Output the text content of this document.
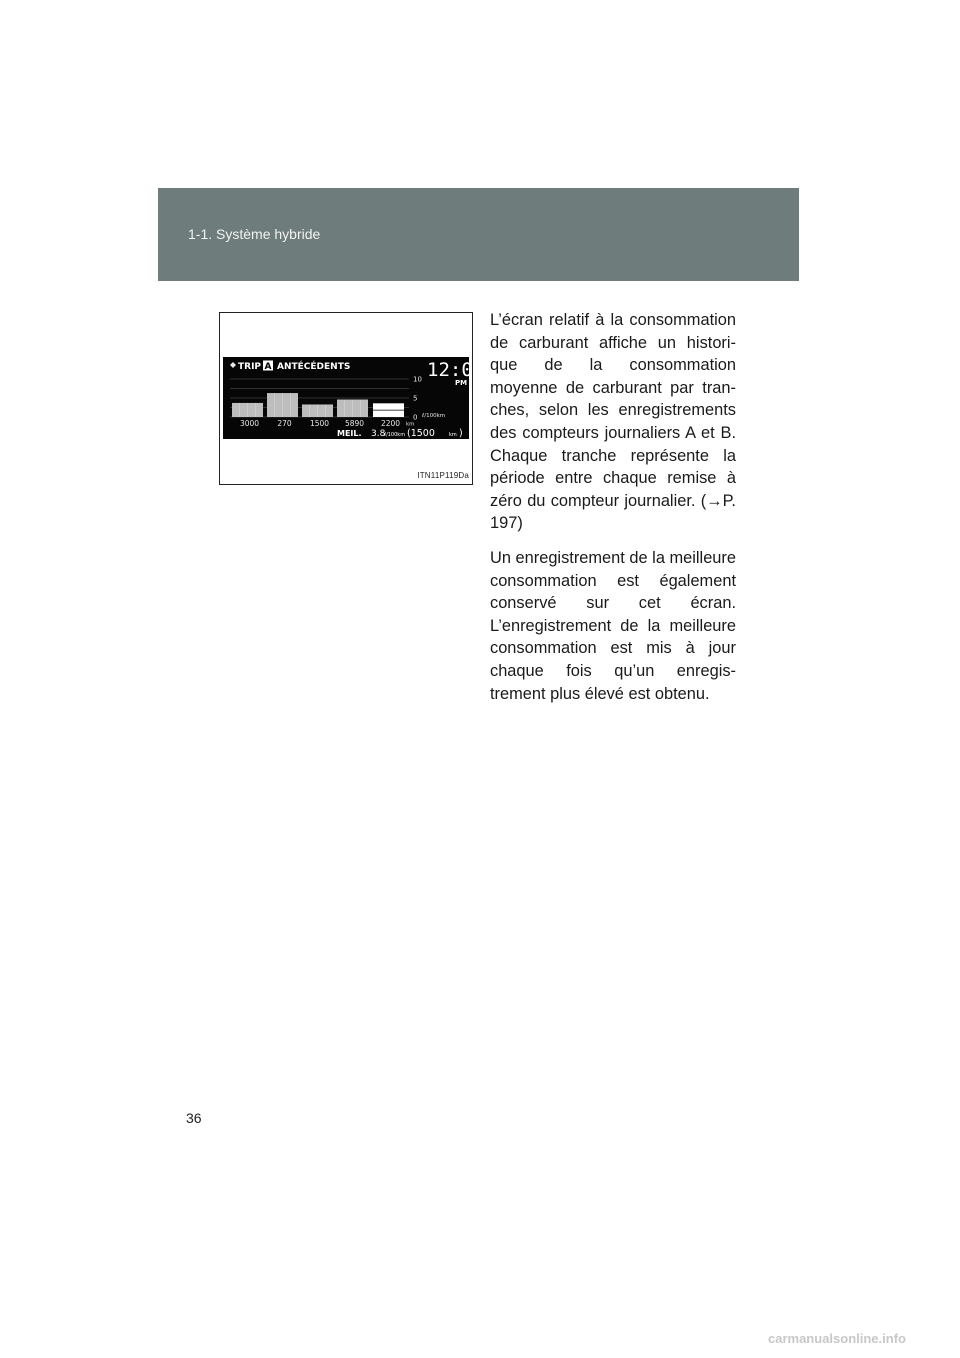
1-1. Système hybride
TRIP A ANTÉCÉDENTS	12:00
PM
0
5
10
ℓ/100km
3000 270 1500 5890 2200 km
MEIL. 3.8
ℓ/100km (1500	km )
ITN11P119Da

L’écran relatif à la consommation de carburant affiche un histori-que de la consommation moyenne de carburant par tran-ches, selon les enregistrements des compteurs journaliers A et B. Chaque tranche représente la période entre chaque remise à zéro du compteur journalier. (→P. 197)

Un enregistrement de la meilleure consommation est également conservé sur cet écran. L’enregistrement de la meilleure consommation est mis à jour chaque fois qu’un enregis-trement plus élevé est obtenu.

36
carmanualsonline.info
